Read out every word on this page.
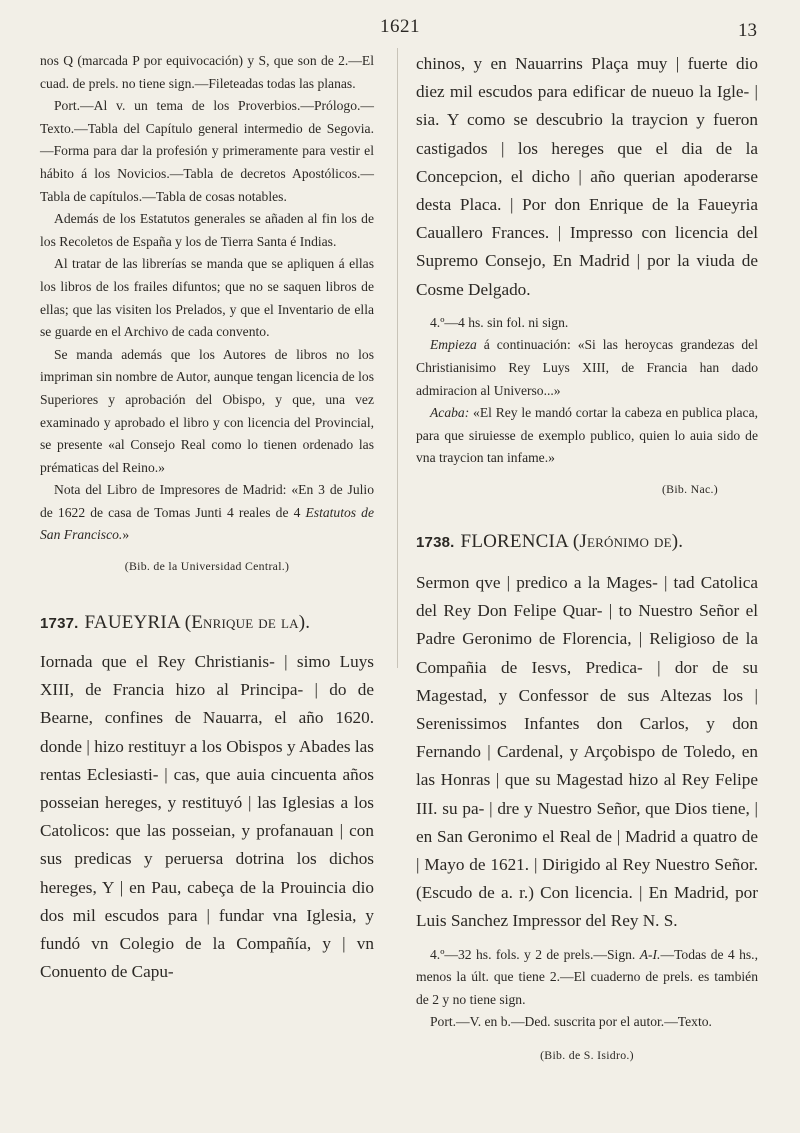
1621	13

nos Q (marcada P por equivocación) y S, que son de 2.—El cuad. de prels. no tiene sign.—Fileteadas todas las planas.

Port.—Al v. un tema de los Proverbios.—Prólogo.—Texto.—Tabla del Capítulo general intermedio de Segovia.—Forma para dar la profesión y primeramente para vestir el hábito á los Novicios.—Tabla de decretos Apostólicos.—Tabla de capítulos.—Tabla de cosas notables.

Además de los Estatutos generales se añaden al fin los de los Recoletos de España y los de Tierra Santa é Indias.

Al tratar de las librerías se manda que se apliquen á ellas los libros de los frailes difuntos; que no se saquen libros de ellas; que las visiten los Prelados, y que el Inventario de ella se guarde en el Archivo de cada convento.

Se manda además que los Autores de libros no los impriman sin nombre de Autor, aunque tengan licencia de los Superiores y aprobación del Obispo, y que, una vez examinado y aprobado el libro y con licencia del Provincial, se presente «al Consejo Real como lo tienen ordenado las prématicas del Reino.»

Nota del Libro de Impresores de Madrid: «En 3 de Julio de 1622 de casa de Tomas Junti 4 reales de 4 Estatutos de San Francisco.»

(Bib. de la Universidad Central.)

1737. FAUEYRIA (Enrique de la).

Iornada que el Rey Christianis- | simo Luys XIII, de Francia hizo al Principa- | do de Bearne, confines de Nauarra, el año 1620. donde | hizo restituyr a los Obispos y Abades las rentas Eclesiasti- | cas, que auia cincuenta años posseian hereges, y restituyó | las Iglesias a los Catolicos: que las posseian, y profanauan | con sus predicas y peruersa dotrina los dichos hereges, Y | en Pau, cabeça de la Prouincia dio dos mil escudos para | fundar vna Iglesia, y fundó vn Colegio de la Compañía, y | vn Conuento de Capu-

chinos, y en Nauarrins Plaça muy | fuerte dio diez mil escudos para edificar de nueuo la Igle- | sia. Y como se descubrio la traycion y fueron castigados | los hereges que el dia de la Concepcion, el dicho | año querian apoderarse desta Placa. | Por don Enrique de la Faueyria Cauallero Frances. | Impresso con licencia del Supremo Consejo, En Madrid | por la viuda de Cosme Delgado.

4.º—4 hs. sin fol. ni sign.

Empieza á continuación: «Si las heroycas grandezas del Christianisimo Rey Luys XIII, de Francia han dado admiracion al Universo...»

Acaba: «El Rey le mandó cortar la cabeza en publica placa, para que siruiesse de exemplo publico, quien lo auia sido de vna traycion tan infame.»

(Bib. Nac.)

1738. FLORENCIA (Jerónimo de).

Sermon qve | predico a la Mages- | tad Catolica del Rey Don Felipe Quar- | to Nuestro Señor el Padre Geronimo de Florencia, | Religioso de la Compañia de Iesvs, Predica- | dor de su Magestad, y Confessor de sus Altezas los | Serenissimos Infantes don Carlos, y don Fernando | Cardenal, y Arçobispo de Toledo, en las Honras | que su Magestad hizo al Rey Felipe III. su pa- | dre y Nuestro Señor, que Dios tiene, | en San Geronimo el Real de | Madrid a quatro de | Mayo de 1621. | Dirigido al Rey Nuestro Señor. (Escudo de a. r.) Con licencia. | En Madrid, por Luis Sanchez Impressor del Rey N. S.

4.º—32 hs. fols. y 2 de prels.—Sign. A-I.—Todas de 4 hs., menos la últ. que tiene 2.—El cuaderno de prels. es también de 2 y no tiene sign.

Port.—V. en b.—Ded. suscrita por el autor.—Texto.

(Bib. de S. Isidro.)
